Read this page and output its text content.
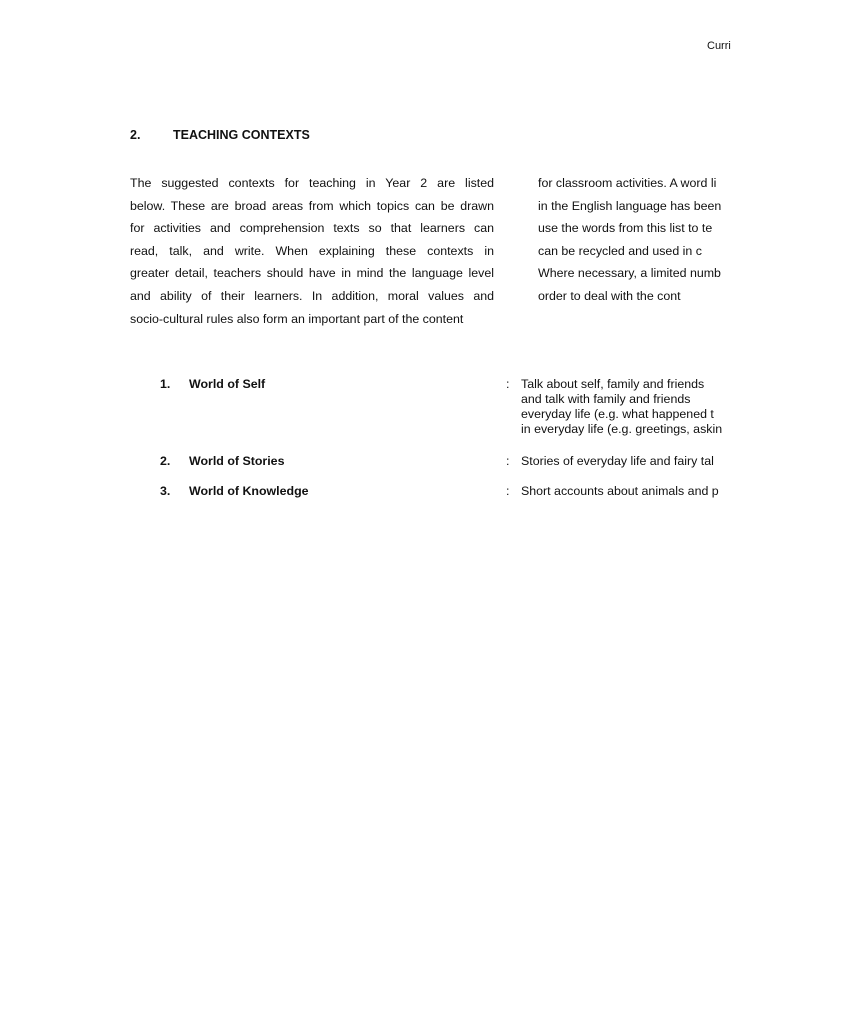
Curri
2.	TEACHING CONTEXTS
The suggested contexts for teaching in Year 2 are listed
below. These are broad areas from which topics can be drawn
for activities and comprehension texts so that learners can
read, talk, and write. When explaining these contexts in
greater detail, teachers should have in mind the language level
and ability of their learners. In addition, moral values and
socio-cultural rules also form an important part of the content
for classroom activities. A word li
in the English language has been
use the words from this list to te
can be recycled and used in c
Where necessary, a limited numb
order to deal with the cont
1. World of Self	: Talk about self, family and friends
and talk with family and friends
everyday life (e.g. what happened t
in everyday life (e.g. greetings, askin
2. World of Stories	: Stories of everyday life and fairy tal
3. World of Knowledge	: Short accounts about animals and p
